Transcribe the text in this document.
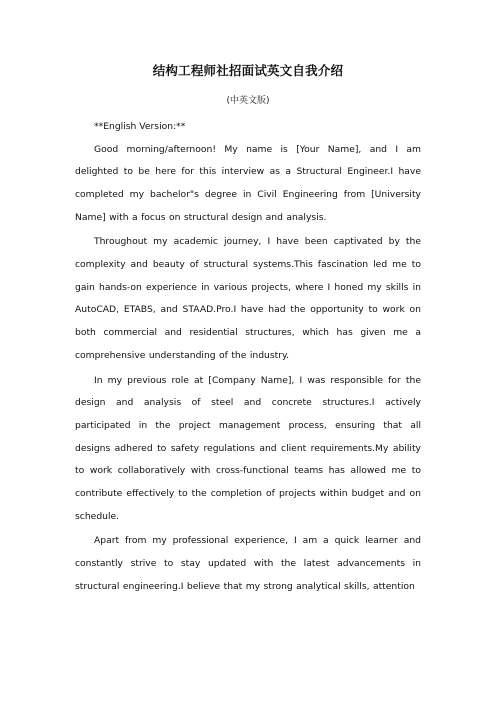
结构工程师社招面试英文自我介绍

(中英文版)

**English Version:**

Good morning/afternoon! My name is [Your Name], and I am delighted to be here for this interview as a Structural Engineer.I have completed my bachelor"s degree in Civil Engineering from [University Name] with a focus on structural design and analysis.

Throughout my academic journey, I have been captivated by the complexity and beauty of structural systems.This fascination led me to gain hands-on experience in various projects, where I honed my skills in AutoCAD, ETABS, and STAAD.Pro.I have had the opportunity to work on both commercial and residential structures, which has given me a comprehensive understanding of the industry.

In my previous role at [Company Name], I was responsible for the design and analysis of steel and concrete structures.I actively participated in the project management process, ensuring that all designs adhered to safety regulations and client requirements.My ability to work collaboratively with cross-functional teams has allowed me to contribute effectively to the completion of projects within budget and on schedule.

Apart from my professional experience, I am a quick learner and constantly strive to stay updated with the latest advancements in structural engineering.I believe that my strong analytical skills, attention
